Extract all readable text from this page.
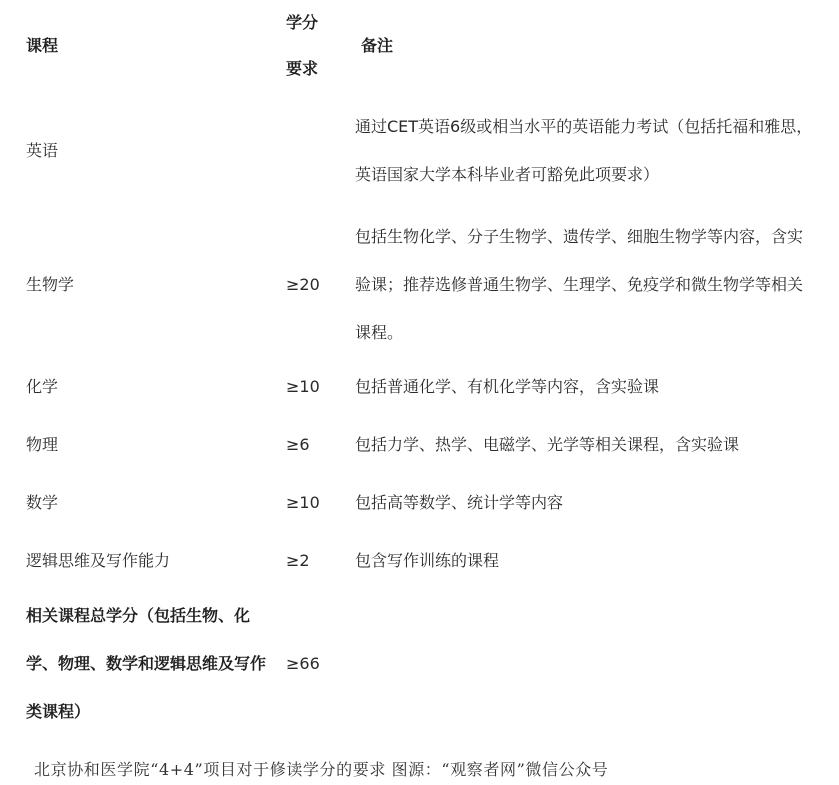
课程	学分要求	备注
英语		通过CET英语6级或相当水平的英语能力考试（包括托福和雅思，英语国家大学本科毕业者可豁免此项要求）
生物学	≥20	包括生物化学、分子生物学、遗传学、细胞生物学等内容，含实验课；推荐选修普通生物学、生理学、免疫学和微生物学等相关课程。
化学	≥10	包括普通化学、有机化学等内容，含实验课
物理	≥6	包括力学、热学、电磁学、光学等相关课程，含实验课
数学	≥10	包括高等数学、统计学等内容
逻辑思维及写作能力	≥2	包含写作训练的课程
相关课程总学分（包括生物、化学、物理、数学和逻辑思维及写作类课程）	≥66	
北京协和医学院“4+4”项目对于修读学分的要求 图源：“观察者网”微信公众号
